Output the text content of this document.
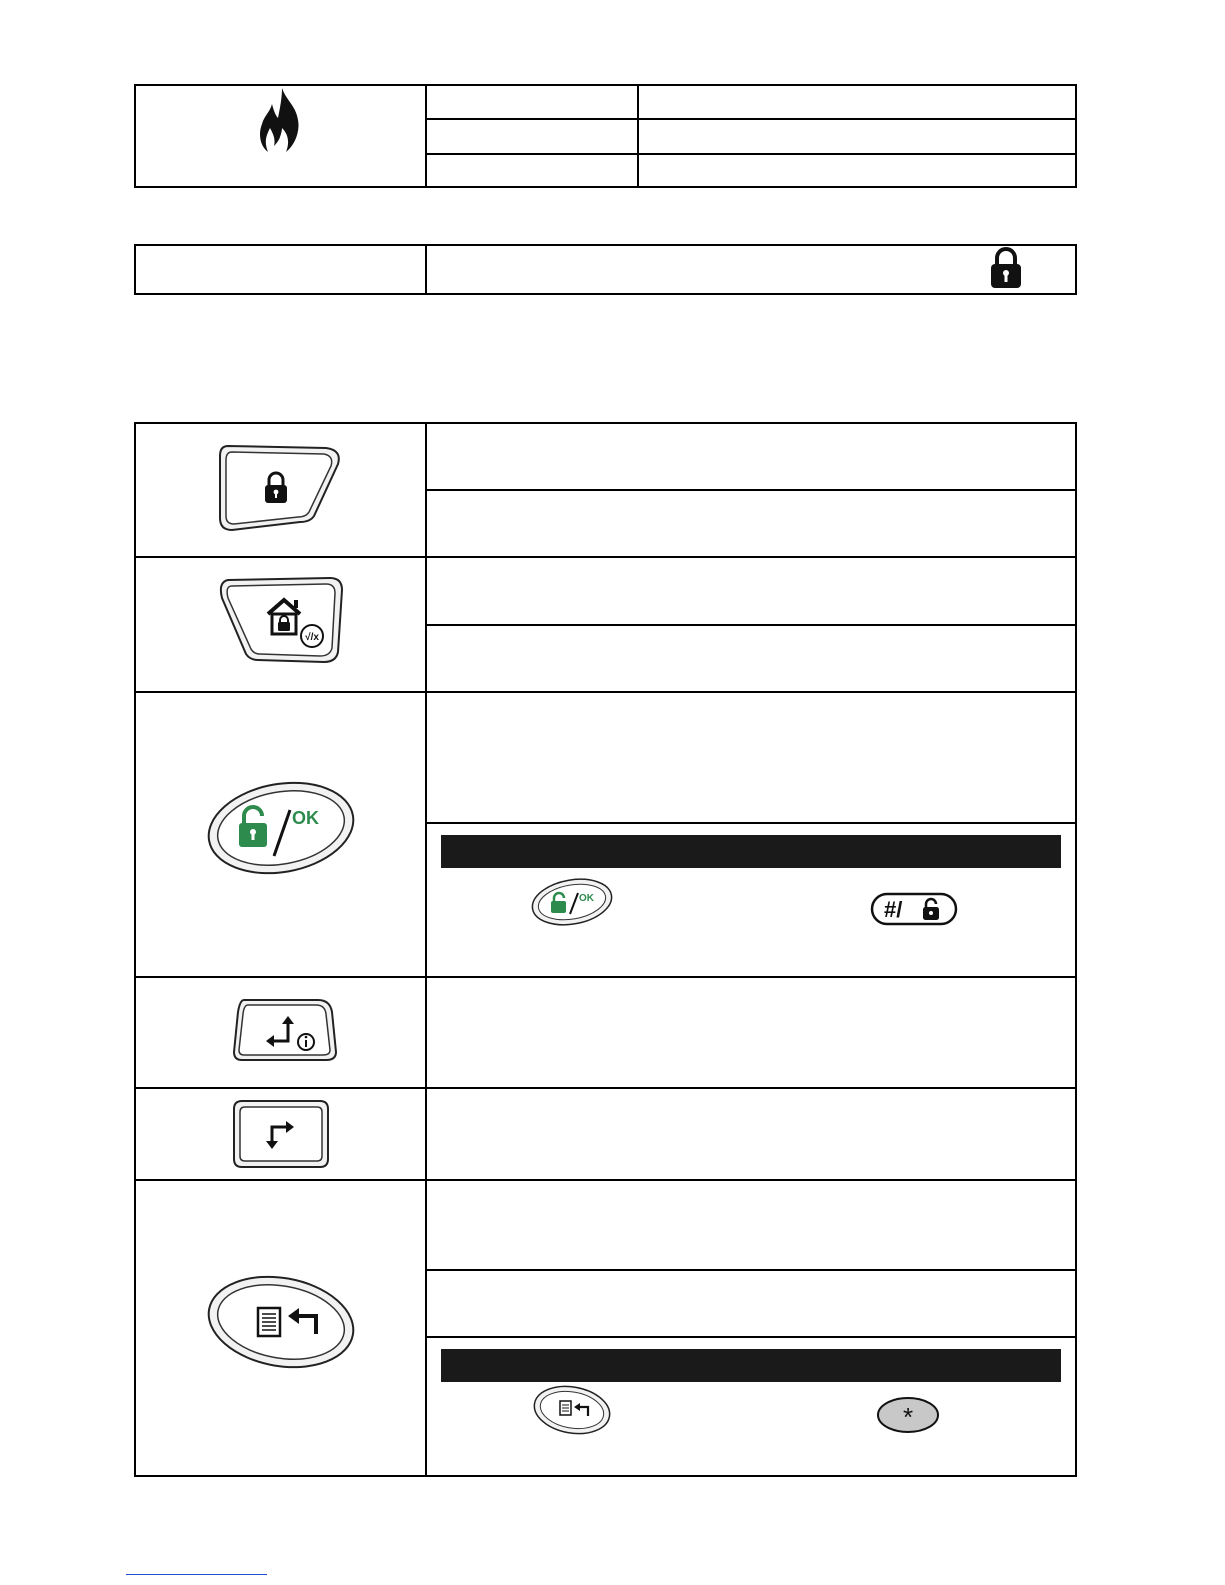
√/x
OK
OK	#/
*
